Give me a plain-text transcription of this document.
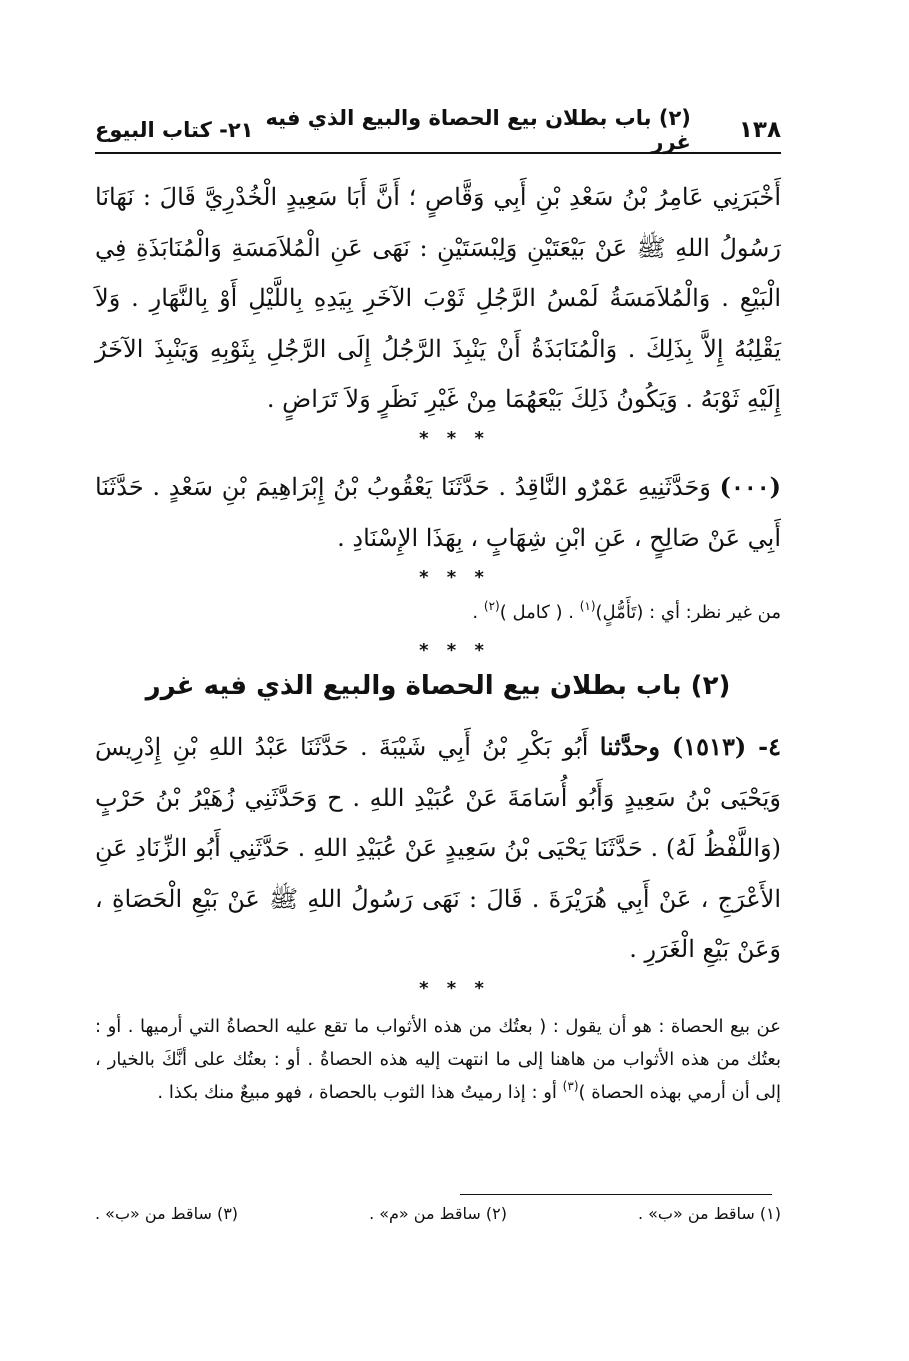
١٣٨
(٢) باب بطلان بيع الحصاة والبيع الذي فيه غرر
٢١- كتاب البيوع
أَخْبَرَنِي عَامِرُ بْنُ سَعْدِ بْنِ أَبِي وَقَّاصٍ ؛ أَنَّ أَبَا سَعِيدٍ الْخُدْرِيَّ قَالَ : نَهَانَا رَسُولُ اللهِ ﷺ عَنْ بَيْعَتَيْنِ وَلِبْسَتَيْنِ : نَهَى عَنِ الْمُلاَمَسَةِ وَالْمُنَابَذَةِ فِي الْبَيْعِ . وَالْمُلاَمَسَةُ لَمْسُ الرَّجُلِ ثَوْبَ الآخَرِ بِيَدِهِ بِاللَّيْلِ أَوْ بِالنَّهَارِ . وَلاَ يَقْلِبُهُ إِلاَّ بِذَلِكَ . وَالْمُنَابَذَةُ أَنْ يَنْبِذَ الرَّجُلُ إِلَى الرَّجُلِ بِثَوْبِهِ وَيَنْبِذَ الآخَرُ إِلَيْهِ ثَوْبَهُ . وَيَكُونُ ذَلِكَ بَيْعَهُمَا مِنْ غَيْرِ نَظَرٍ وَلاَ تَرَاضٍ .
* * *
(٠٠٠) وَحَدَّثَنِيهِ عَمْرٌو النَّاقِدُ . حَدَّثَنَا يَعْقُوبُ بْنُ إِبْرَاهِيمَ بْنِ سَعْدٍ . حَدَّثَنَا أَبِي عَنْ صَالِحٍ ، عَنِ ابْنِ شِهَابٍ ، بِهَذَا الإِسْنَادِ .
* * *
من غير نظر: أي : (تَأَمُّلٍ)$^{(١)}$ . ( كامل )$^{(٢)}$ .
* * *
(٢) باب بطلان بيع الحصاة والبيع الذي فيه غرر
٤- (١٥١٣) وحدَّثنا أَبُو بَكْرِ بْنُ أَبِي شَيْبَةَ . حَدَّثَنَا عَبْدُ اللهِ بْنِ إِدْرِيسَ وَيَحْيَى بْنُ سَعِيدٍ وَأَبُو أُسَامَةَ عَنْ عُبَيْدِ اللهِ . ح وَحَدَّثَنِي زُهَيْرُ بْنُ حَرْبٍ (وَاللَّفْظُ لَهُ) . حَدَّثَنَا يَحْيَى بْنُ سَعِيدٍ عَنْ عُبَيْدِ اللهِ . حَدَّثَنِي أَبُو الزِّنَادِ عَنِ الأَعْرَجِ ، عَنْ أَبِي هُرَيْرَةَ . قَالَ : نَهَى رَسُولُ اللهِ ﷺ عَنْ بَيْعِ الْحَصَاةِ ، وَعَنْ بَيْعِ الْغَرَرِ .
* * *
عن بيع الحصاة : هو أن يقول : ( بعتُك من هذه الأثواب ما تقع عليه الحصاةُ التي أرميها . أو : بعتُك من هذه الأثواب من هاهنا إلى ما انتهت إليه هذه الحصاةُ . أو : بعتُك على أنَّكَ بالخيار ، إلى أن أرمي بهذه الحصاة )$^{(٣)}$ أو : إذا رميتُ هذا الثوب بالحصاة ، فهو مبيعٌ منك بكذا .
(١) ساقط من «ب» .
(٢) ساقط من «م» .
(٣) ساقط من «ب» .
